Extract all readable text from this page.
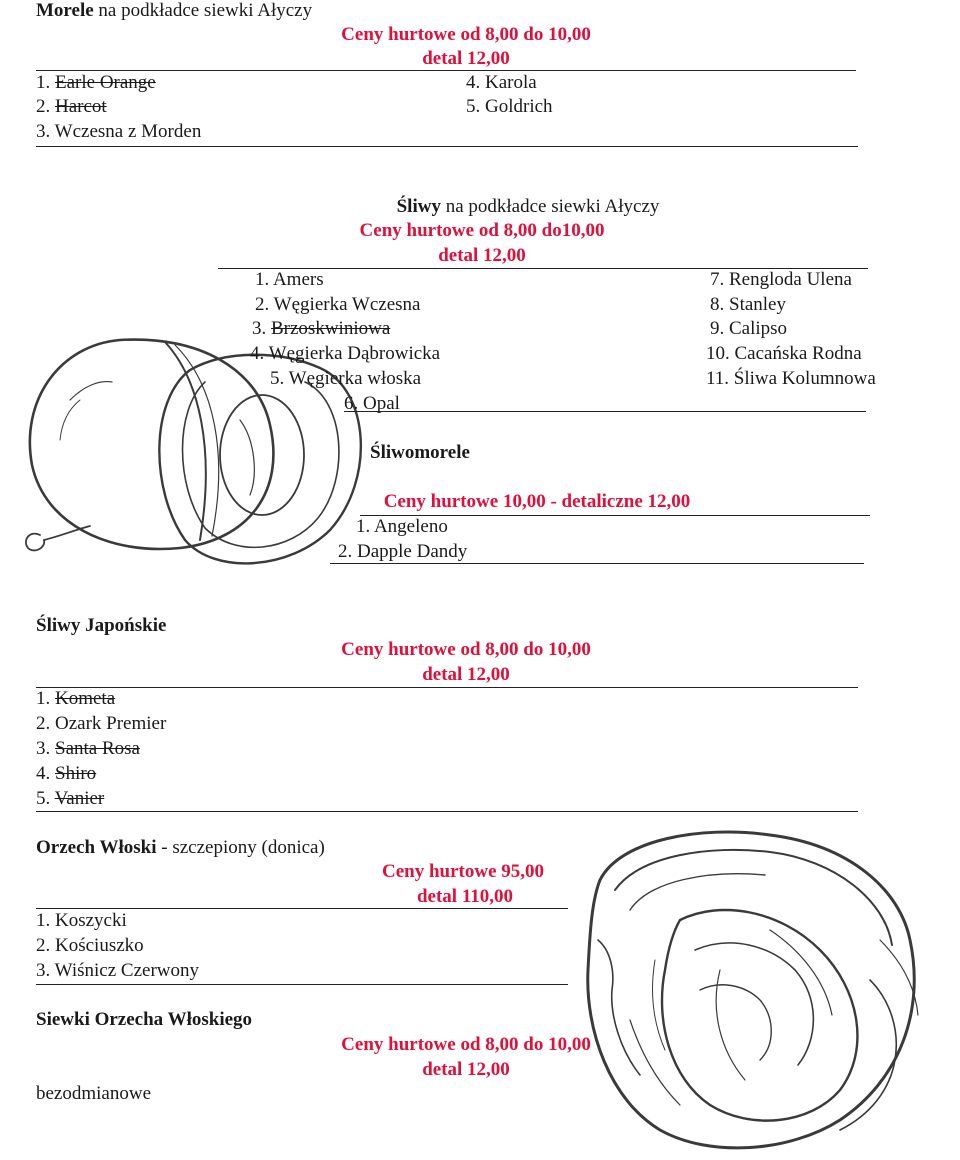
Morele na podkładce siewki Ałyczy
Ceny hurtowe od 8,00 do 10,00
detal 12,00
1. Earle Orange
2. Harcot
3. Wczesna z Morden
4. Karola
5. Goldrich
Śliwy na podkładce siewki Ałyczy
Ceny hurtowe od 8,00 do10,00
detal 12,00
1. Amers
2. Węgierka Wczesna
3. Brzoskwiniowa
4. Węgierka Dąbrowicka
5. Węgierka włoska
6. Opal
7. Rengloda Ulena
8. Stanley
9. Calipso
10. Cacańska Rodna
11. Śliwa Kolumnowa
Śliwomorele
Ceny hurtowe 10,00 - detaliczne 12,00
1. Angeleno
2. Dapple Dandy
Śliwy Japońskie
Ceny hurtowe od 8,00 do 10,00
detal 12,00
1. Kometa
2. Ozark Premier
3. Santa Rosa
4. Shiro
5. Vanier
Orzech Włoski - szczepiony (donica)
Ceny hurtowe 95,00
detal 110,00
1. Koszycki
2. Kościuszko
3. Wiśnicz Czerwony
Siewki Orzecha Włoskiego
Ceny hurtowe od 8,00 do 10,00
detal 12,00
bezodmianowe
